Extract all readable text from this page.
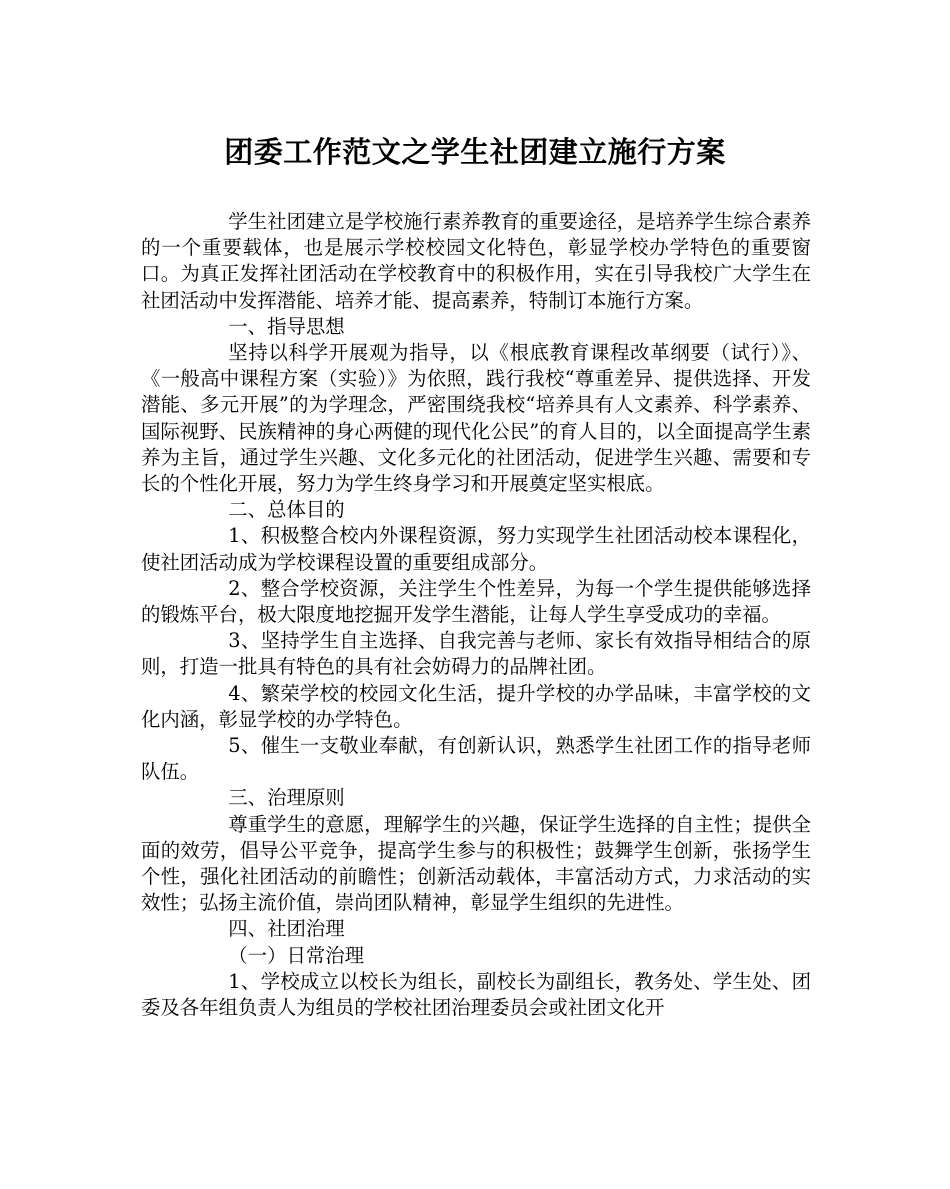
团委工作范文之学生社团建立施行方案

学生社团建立是学校施行素养教育的重要途径，是培养学生综合素养的一个重要载体，也是展示学校校园文化特色，彰显学校办学特色的重要窗口。为真正发挥社团活动在学校教育中的积极作用，实在引导我校广大学生在社团活动中发挥潜能、培养才能、提高素养，特制订本施行方案。

一、指导思想

坚持以科学开展观为指导，以《根底教育课程改革纲要（试行）》、《一般高中课程方案（实验）》为依照，践行我校“尊重差异、提供选择、开发潜能、多元开展”的为学理念，严密围绕我校“培养具有人文素养、科学素养、国际视野、民族精神的身心两健的现代化公民”的育人目的，以全面提高学生素养为主旨，通过学生兴趣、文化多元化的社团活动，促进学生兴趣、需要和专长的个性化开展，努力为学生终身学习和开展奠定坚实根底。

二、总体目的

1、积极整合校内外课程资源，努力实现学生社团活动校本课程化，使社团活动成为学校课程设置的重要组成部分。

2、整合学校资源，关注学生个性差异，为每一个学生提供能够选择的锻炼平台，极大限度地挖掘开发学生潜能，让每人学生享受成功的幸福。

3、坚持学生自主选择、自我完善与老师、家长有效指导相结合的原则，打造一批具有特色的具有社会妨碍力的品牌社团。

4、繁荣学校的校园文化生活，提升学校的办学品味，丰富学校的文化内涵，彰显学校的办学特色。

5、催生一支敬业奉献，有创新认识，熟悉学生社团工作的指导老师队伍。

三、治理原则

尊重学生的意愿，理解学生的兴趣，保证学生选择的自主性；提供全面的效劳，倡导公平竞争，提高学生参与的积极性；鼓舞学生创新，张扬学生个性，强化社团活动的前瞻性；创新活动载体，丰富活动方式，力求活动的实效性；弘扬主流价值，崇尚团队精神，彰显学生组织的先进性。

四、社团治理

（一）日常治理

1、学校成立以校长为组长，副校长为副组长，教务处、学生处、团委及各年组负责人为组员的学校社团治理委员会或社团文化开
